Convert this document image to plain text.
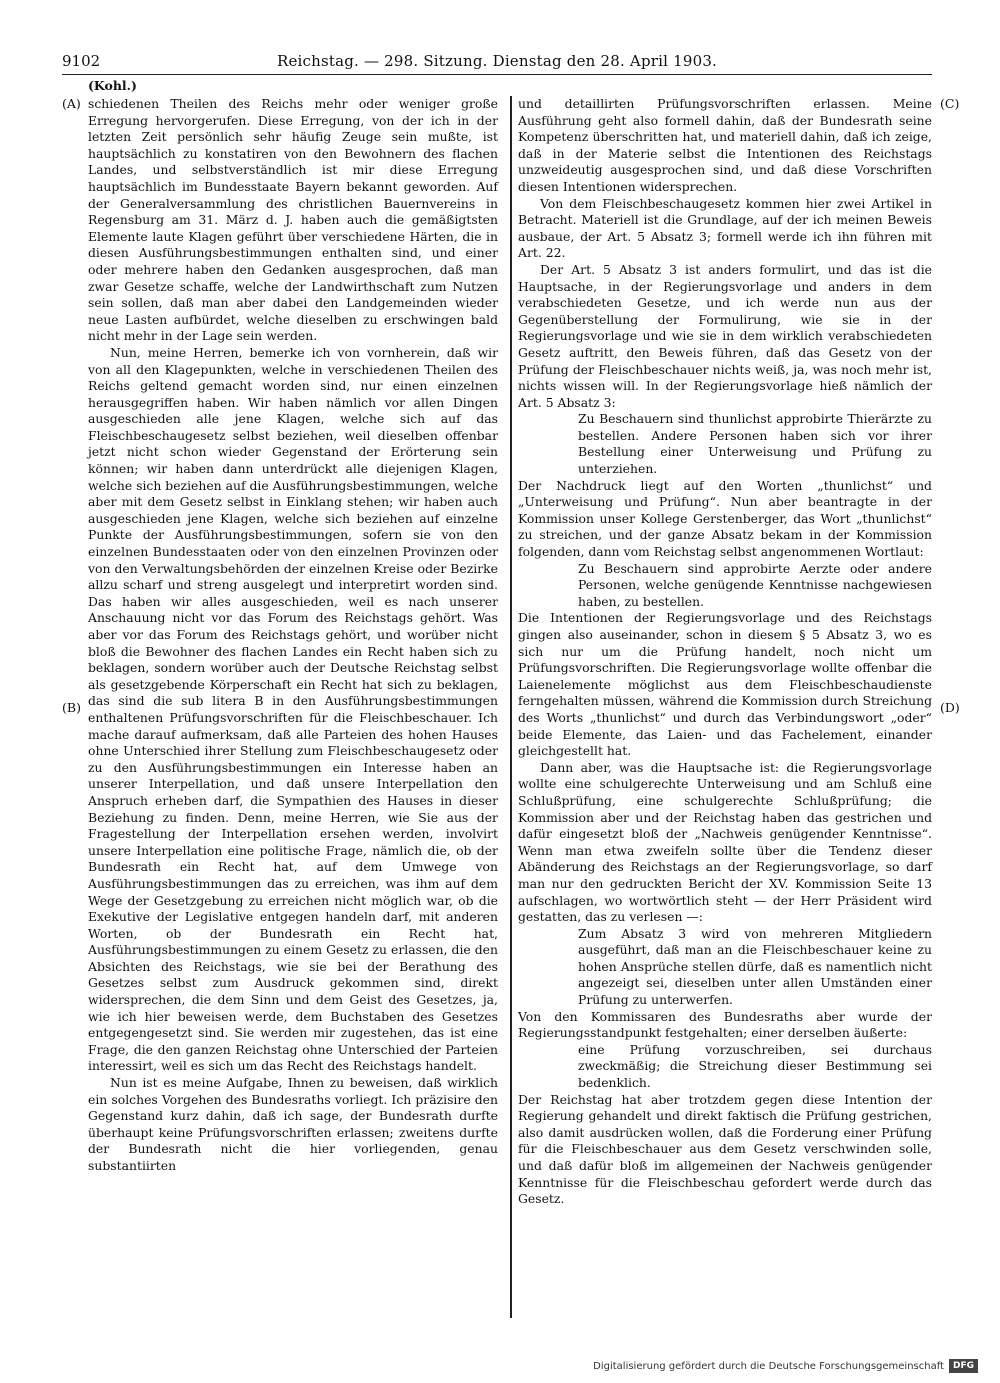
9102	Reichstag. — 298. Sitzung. Dienstag den 28. April 1903.
(Kohl.)
(A)
(B)
(C)
(D)

schiedenen Theilen des Reichs mehr oder weniger große Erregung hervorgerufen. Diese Erregung, von der ich in der letzten Zeit persönlich sehr häufig Zeuge sein mußte, ist hauptsächlich zu konstatiren von den Bewohnern des flachen Landes, und selbstverständlich ist mir diese Erregung hauptsächlich im Bundesstaate Bayern bekannt geworden. Auf der Generalversammlung des christlichen Bauernvereins in Regensburg am 31. März d. J. haben auch die gemäßigtsten Elemente laute Klagen geführt über verschiedene Härten, die in diesen Ausführungsbestimmungen enthalten sind, und einer oder mehrere haben den Gedanken ausgesprochen, daß man zwar Gesetze schaffe, welche der Landwirthschaft zum Nutzen sein sollen, daß man aber dabei den Landgemeinden wieder neue Lasten aufbürdet, welche dieselben zu erschwingen bald nicht mehr in der Lage sein werden.

Nun, meine Herren, bemerke ich von vornherein, daß wir von all den Klagepunkten, welche in verschiedenen Theilen des Reichs geltend gemacht worden sind, nur einen einzelnen herausgegriffen haben. Wir haben nämlich vor allen Dingen ausgeschieden alle jene Klagen, welche sich auf das Fleischbeschaugesetz selbst beziehen, weil dieselben offenbar jetzt nicht schon wieder Gegenstand der Erörterung sein können; wir haben dann unterdrückt alle diejenigen Klagen, welche sich beziehen auf die Ausführungsbestimmungen, welche aber mit dem Gesetz selbst in Einklang stehen; wir haben auch ausgeschieden jene Klagen, welche sich beziehen auf einzelne Punkte der Ausführungsbestimmungen, sofern sie von den einzelnen Bundesstaaten oder von den einzelnen Provinzen oder von den Verwaltungsbehörden der einzelnen Kreise oder Bezirke allzu scharf und streng ausgelegt und interpretirt worden sind. Das haben wir alles ausgeschieden, weil es nach unserer Anschauung nicht vor das Forum des Reichstags gehört. Was aber vor das Forum des Reichstags gehört, und worüber nicht bloß die Bewohner des flachen Landes ein Recht haben sich zu beklagen, sondern worüber auch der Deutsche Reichstag selbst als gesetzgebende Körperschaft ein Recht hat sich zu beklagen, das sind die sub litera B in den Ausführungsbestimmungen enthaltenen Prüfungsvorschriften für die Fleischbeschauer. Ich mache darauf aufmerksam, daß alle Parteien des hohen Hauses ohne Unterschied ihrer Stellung zum Fleischbeschaugesetz oder zu den Ausführungsbestimmungen ein Interesse haben an unserer Interpellation, und daß unsere Interpellation den Anspruch erheben darf, die Sympathien des Hauses in dieser Beziehung zu finden. Denn, meine Herren, wie Sie aus der Fragestellung der Interpellation ersehen werden, involvirt unsere Interpellation eine politische Frage, nämlich die, ob der Bundesrath ein Recht hat, auf dem Umwege von Ausführungsbestimmungen das zu erreichen, was ihm auf dem Wege der Gesetzgebung zu erreichen nicht möglich war, ob die Exekutive der Legislative entgegen handeln darf, mit anderen Worten, ob der Bundesrath ein Recht hat, Ausführungsbestimmungen zu einem Gesetz zu erlassen, die den Absichten des Reichstags, wie sie bei der Berathung des Gesetzes selbst zum Ausdruck gekommen sind, direkt widersprechen, die dem Sinn und dem Geist des Gesetzes, ja, wie ich hier beweisen werde, dem Buchstaben des Gesetzes entgegengesetzt sind. Sie werden mir zugestehen, das ist eine Frage, die den ganzen Reichstag ohne Unterschied der Parteien interessirt, weil es sich um das Recht des Reichstags handelt.

Nun ist es meine Aufgabe, Ihnen zu beweisen, daß wirklich ein solches Vorgehen des Bundesraths vorliegt. Ich präzisire den Gegenstand kurz dahin, daß ich sage, der Bundesrath durfte überhaupt keine Prüfungsvorschriften erlassen; zweitens durfte der Bundesrath nicht die hier vorliegenden, genau substantiirten

und detaillirten Prüfungsvorschriften erlassen. Meine Ausführung geht also formell dahin, daß der Bundesrath seine Kompetenz überschritten hat, und materiell dahin, daß ich zeige, daß in der Materie selbst die Intentionen des Reichstags unzweideutig ausgesprochen sind, und daß diese Vorschriften diesen Intentionen widersprechen.

Von dem Fleischbeschaugesetz kommen hier zwei Artikel in Betracht. Materiell ist die Grundlage, auf der ich meinen Beweis ausbaue, der Art. 5 Absatz 3; formell werde ich ihn führen mit Art. 22.

Der Art. 5 Absatz 3 ist anders formulirt, und das ist die Hauptsache, in der Regierungsvorlage und anders in dem verabschiedeten Gesetze, und ich werde nun aus der Gegenüberstellung der Formulirung, wie sie in der Regierungsvorlage und wie sie in dem wirklich verabschiedeten Gesetz auftritt, den Beweis führen, daß das Gesetz von der Prüfung der Fleischbeschauer nichts weiß, ja, was noch mehr ist, nichts wissen will. In der Regierungsvorlage hieß nämlich der Art. 5 Absatz 3:

Zu Beschauern sind thunlichst approbirte Thierärzte zu bestellen. Andere Personen haben sich vor ihrer Bestellung einer Unterweisung und Prüfung zu unterziehen.

Der Nachdruck liegt auf den Worten „thunlichst“ und „Unterweisung und Prüfung“. Nun aber beantragte in der Kommission unser Kollege Gerstenberger, das Wort „thunlichst“ zu streichen, und der ganze Absatz bekam in der Kommission folgenden, dann vom Reichstag selbst angenommenen Wortlaut:

Zu Beschauern sind approbirte Aerzte oder andere Personen, welche genügende Kenntnisse nachgewiesen haben, zu bestellen.

Die Intentionen der Regierungsvorlage und des Reichstags gingen also auseinander, schon in diesem § 5 Absatz 3, wo es sich nur um die Prüfung handelt, noch nicht um Prüfungsvorschriften. Die Regierungsvorlage wollte offenbar die Laienelemente möglichst aus dem Fleischbeschaudienste ferngehalten müssen, während die Kommission durch Streichung des Worts „thunlichst“ und durch das Verbindungswort „oder“ beide Elemente, das Laien- und das Fachelement, einander gleichgestellt hat.

Dann aber, was die Hauptsache ist: die Regierungsvorlage wollte eine schulgerechte Unterweisung und am Schluß eine Schlußprüfung, eine schulgerechte Schlußprüfung; die Kommission aber und der Reichstag haben das gestrichen und dafür eingesetzt bloß der „Nachweis genügender Kenntnisse“. Wenn man etwa zweifeln sollte über die Tendenz dieser Abänderung des Reichstags an der Regierungsvorlage, so darf man nur den gedruckten Bericht der XV. Kommission Seite 13 aufschlagen, wo wortwörtlich steht — der Herr Präsident wird gestatten, das zu verlesen —:

Zum Absatz 3 wird von mehreren Mitgliedern ausgeführt, daß man an die Fleischbeschauer keine zu hohen Ansprüche stellen dürfe, daß es namentlich nicht angezeigt sei, dieselben unter allen Umständen einer Prüfung zu unterwerfen.

Von den Kommissaren des Bundesraths aber wurde der Regierungsstandpunkt festgehalten; einer derselben äußerte:

eine Prüfung vorzuschreiben, sei durchaus zweckmäßig; die Streichung dieser Bestimmung sei bedenklich.

Der Reichstag hat aber trotzdem gegen diese Intention der Regierung gehandelt und direkt faktisch die Prüfung gestrichen, also damit ausdrücken wollen, daß die Forderung einer Prüfung für die Fleischbeschauer aus dem Gesetz verschwinden solle, und daß dafür bloß im allgemeinen der Nachweis genügender Kenntnisse für die Fleischbeschau gefordert werde durch das Gesetz.

Digitalisierung gefördert durch die Deutsche Forschungsgemeinschaft	DFG
